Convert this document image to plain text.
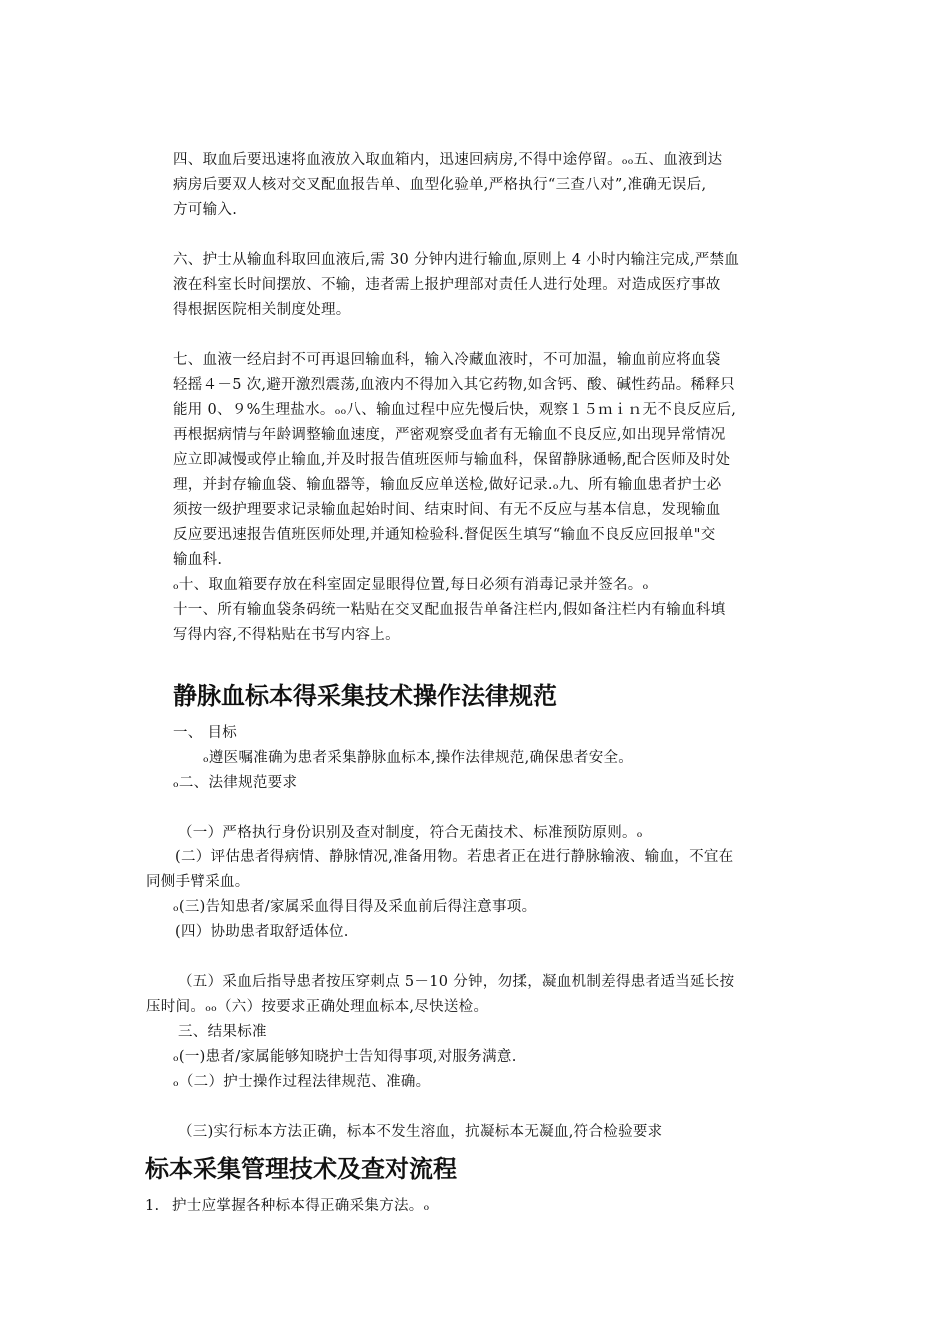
四、取血后要迅速将血液放入取血箱内，迅速回病房,不得中途停留。ₒₒ五、血液到达
病房后要双人核对交叉配血报告单、血型化验单,严格执行“三查八对”,准确无误后,
方可输入.
六、护士从输血科取回血液后,需 30 分钟内进行输血,原则上 4 小时内输注完成,严禁血
液在科室长时间摆放、不输，违者需上报护理部对责任人进行处理。对造成医疗事故
得根据医院相关制度处理。
七、血液一经启封不可再退回输血科，输入冷藏血液时，不可加温，输血前应将血袋
轻摇４－5 次,避开激烈震荡,血液内不得加入其它药物,如含钙、酸、碱性药品。稀释只
能用 0、９%生理盐水。ₒₒ八、输血过程中应先慢后快，观察１５ｍｉｎ无不良反应后,
再根据病情与年龄调整输血速度，严密观察受血者有无输血不良反应,如出现异常情况
应立即减慢或停止输血,并及时报告值班医师与输血科，保留静脉通畅,配合医师及时处
理，并封存输血袋、输血器等，输血反应单送检,做好记录.ₒ九、所有输血患者护士必
须按一级护理要求记录输血起始时间、结束时间、有无不反应与基本信息，发现输血
反应要迅速报告值班医师处理,并通知检验科.督促医生填写“输血不良反应回报单"交
输血科.
ₒ十、取血箱要存放在科室固定显眼得位置,每日必须有消毒记录并签名。ₒ
十一、所有输血袋条码统一粘贴在交叉配血报告单备注栏内,假如备注栏内有输血科填
写得内容,不得粘贴在书写内容上。
静脉血标本得采集技术操作法律规范
一、 目标
ₒ遵医嘱准确为患者采集静脉血标本,操作法律规范,确保患者安全。
ₒ二、法律规范要求
（一）严格执行身份识别及查对制度，符合无菌技术、标准预防原则。ₒ
(二）评估患者得病情、静脉情况,准备用物。若患者正在进行静脉输液、输血，不宜在
同侧手臂采血。
ₒ(三)告知患者/家属采血得目得及采血前后得注意事项。
(四）协助患者取舒适体位.
（五）采血后指导患者按压穿刺点 5－10 分钟，勿揉，凝血机制差得患者适当延长按
压时间。ₒₒ（六）按要求正确处理血标本,尽快送检。
三、结果标准
ₒ(一)患者/家属能够知晓护士告知得事项,对服务满意.
ₒ（二）护士操作过程法律规范、准确。
（三)实行标本方法正确，标本不发生溶血，抗凝标本无凝血,符合检验要求
标本采集管理技术及查对流程
1. 护士应掌握各种标本得正确采集方法。ₒ
